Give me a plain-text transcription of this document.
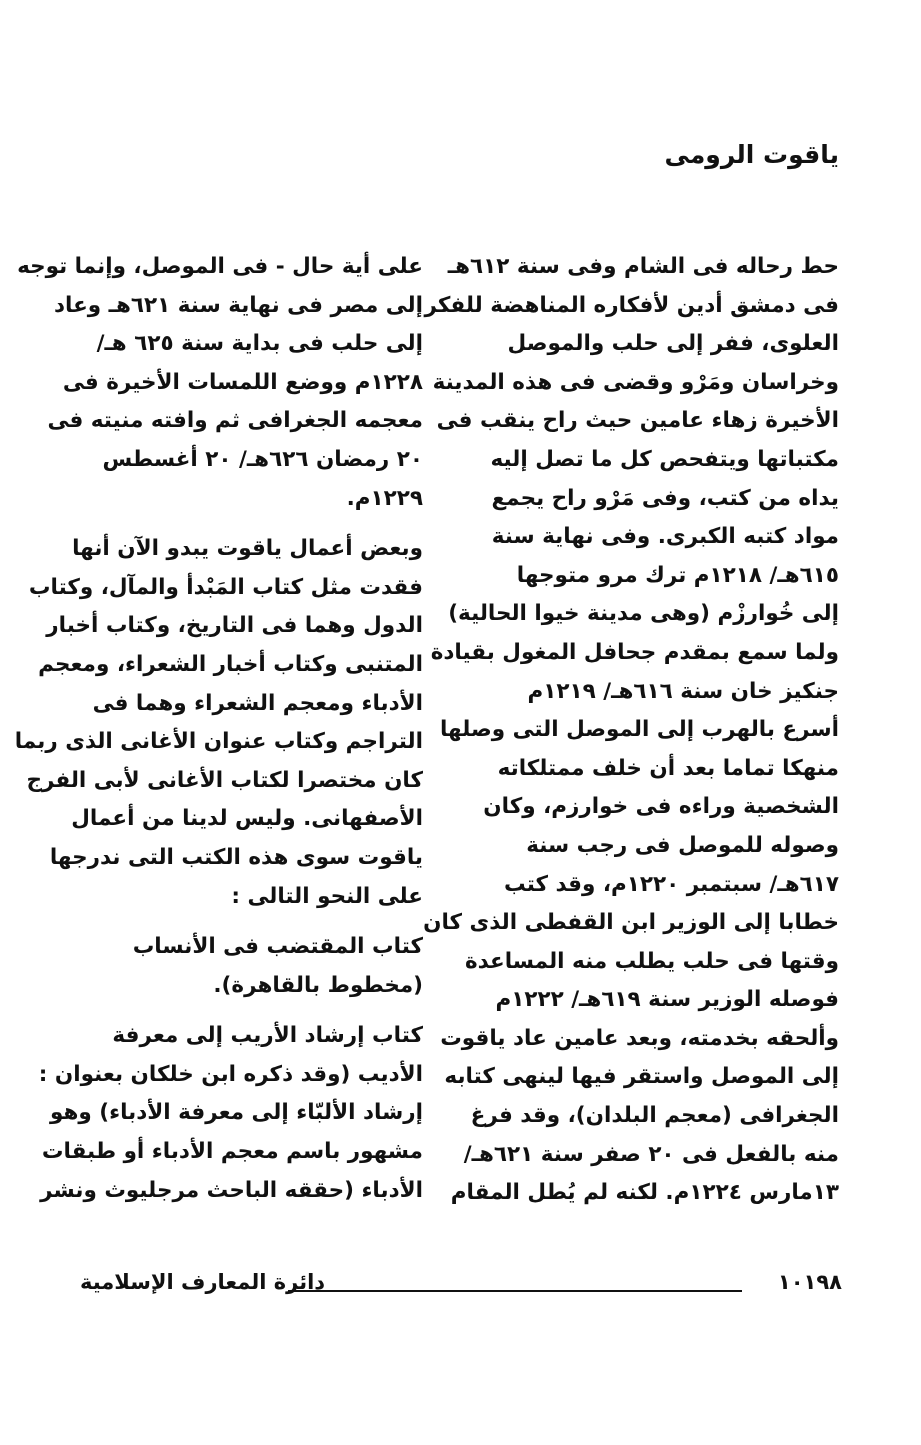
ياقوت الرومى
حط رحاله فى الشام وفى سنة ٦١٢هـ
فى دمشق أدين لأفكاره المناهضة للفكر
العلوى، ففر إلى حلب والموصل
وخراسان ومَرْو وقضى فى هذه المدينة
الأخيرة زهاء عامين حيث راح ينقب فى
مكتباتها ويتفحص كل ما تصل إليه
يداه من كتب، وفى مَرْو راح يجمع
مواد كتبه الكبرى. وفى نهاية سنة
٦١٥هـ/ ١٢١٨م ترك مرو متوجها
إلى خُوارزْم (وهى مدينة خيوا الحالية)
ولما سمع بمقدم جحافل المغول بقيادة
جنكيز خان سنة ٦١٦هـ/ ١٢١٩م
أسرع بالهرب إلى الموصل التى وصلها
منهكا تماما بعد أن خلف ممتلكاته
الشخصية وراءه فى خوارزم، وكان
وصوله للموصل فى رجب سنة
٦١٧هـ/ سبتمبر ١٢٢٠م، وقد كتب
خطابا إلى الوزير ابن القفطى الذى كان
وقتها فى حلب يطلب منه المساعدة
فوصله الوزير سنة ٦١٩هـ/ ١٢٢٢م
وألحقه بخدمته، وبعد عامين عاد ياقوت
إلى الموصل واستقر فيها لينهى كتابه
الجغرافى (معجم البلدان)، وقد فرغ
منه بالفعل فى ٢٠ صفر سنة ٦٢١هـ/
١٣مارس ١٢٢٤م. لكنه لم يُطل المقام
على أية حال - فى الموصل، وإنما توجه
إلى مصر فى نهاية سنة ٦٢١هـ وعاد
إلى حلب فى بداية سنة ٦٢٥ هـ/
١٢٢٨م ووضع اللمسات الأخيرة فى
معجمه الجغرافى ثم وافته منيته فى
٢٠ رمضان ٦٢٦هـ/ ٢٠ أغسطس
١٢٢٩م.
وبعض أعمال ياقوت يبدو الآن أنها
فقدت مثل كتاب المَبْدأ والمآل، وكتاب
الدول وهما فى التاريخ، وكتاب أخبار
المتنبى وكتاب أخبار الشعراء، ومعجم
الأدباء ومعجم الشعراء وهما فى
التراجم وكتاب عنوان الأغانى الذى ربما
كان مختصرا لكتاب الأغانى لأبى الفرج
الأصفهانى. وليس لدينا من أعمال
ياقوت سوى هذه الكتب التى ندرجها
على النحو التالى :
كتاب المقتضب فى الأنساب
(مخطوط بالقاهرة).
كتاب إرشاد الأريب إلى معرفة
الأديب (وقد ذكره ابن خلكان بعنوان :
إرشاد الألبّاء إلى معرفة الأدباء) وهو
مشهور باسم معجم الأدباء أو طبقات
الأدباء (حققه الباحث مرجليوث ونشر
١٠١٩٨
دائرة المعارف الإسلامية
